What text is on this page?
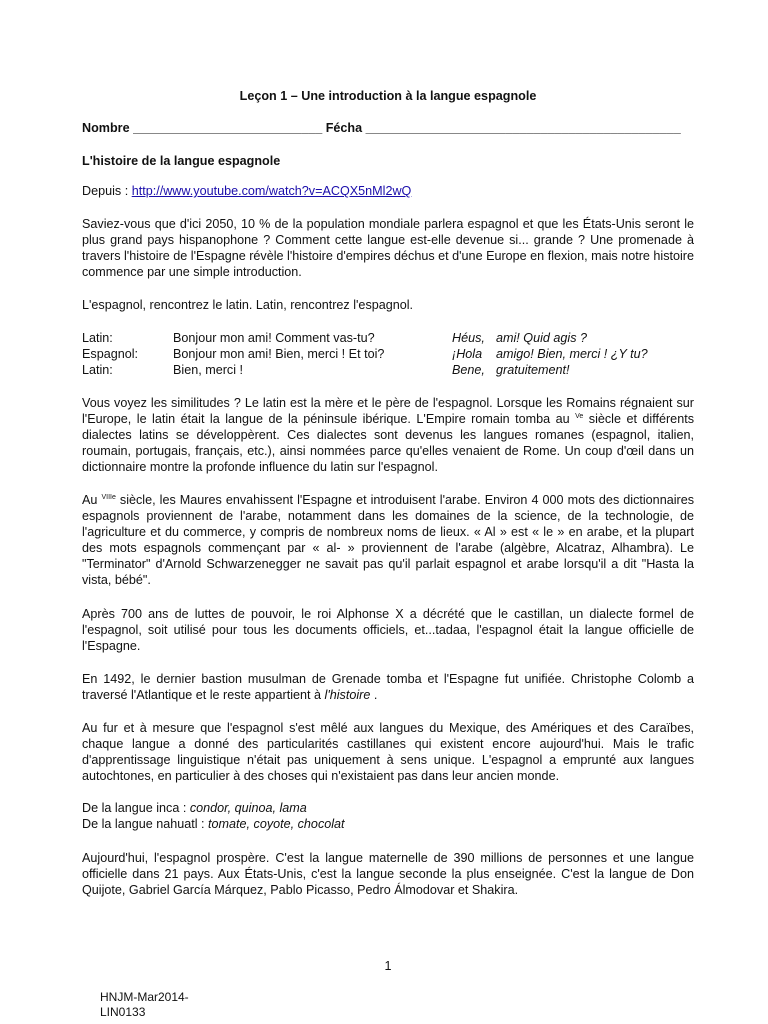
Leçon 1 – Une introduction à la langue espagnole
Nombre ___________________________ Fécha _____________________________________________
L'histoire de la langue espagnole
Depuis : http://www.youtube.com/watch?v=ACQX5nMl2wQ
Saviez-vous que d'ici 2050, 10 % de la population mondiale parlera espagnol et que les États-Unis seront le plus grand pays hispanophone ? Comment cette langue est-elle devenue si... grande ? Une promenade à travers l'histoire de l'Espagne révèle l'histoire d'empires déchus et d'une Europe en flexion, mais notre histoire commence par une simple introduction.
L'espagnol, rencontrez le latin. Latin, rencontrez l'espagnol.
Latin:	Bonjour mon ami! Comment vas-tu?	Héus, ami! Quid agis ?
Espagnol:	Bonjour mon ami! Bien, merci ! Et toi?	¡Hola amigo! Bien, merci ! ¿Y tu?
Latin:	Bien, merci !	Bene, gratuitement!
Vous voyez les similitudes ? Le latin est la mère et le père de l'espagnol. Lorsque les Romains régnaient sur l'Europe, le latin était la langue de la péninsule ibérique. L'Empire romain tomba au $^{Ve}$ siècle et différents dialectes latins se développèrent. Ces dialectes sont devenus les langues romanes (espagnol, italien, roumain, portugais, français, etc.), ainsi nommées parce qu'elles venaient de Rome. Un coup d'œil dans un dictionnaire montre la profonde influence du latin sur l'espagnol.
Au $^{VIIIe}$ siècle, les Maures envahissent l'Espagne et introduisent l'arabe. Environ 4 000 mots des dictionnaires espagnols proviennent de l'arabe, notamment dans les domaines de la science, de la technologie, de l'agriculture et du commerce, y compris de nombreux noms de lieux. « Al » est « le » en arabe, et la plupart des mots espagnols commençant par « al- » proviennent de l'arabe (algèbre, Alcatraz, Alhambra). Le "Terminator" d'Arnold Schwarzenegger ne savait pas qu'il parlait espagnol et arabe lorsqu'il a dit "Hasta la vista, bébé".
Après 700 ans de luttes de pouvoir, le roi Alphonse X a décrété que le castillan, un dialecte formel de l'espagnol, soit utilisé pour tous les documents officiels, et...tadaa, l'espagnol était la langue officielle de l'Espagne.
En 1492, le dernier bastion musulman de Grenade tomba et l'Espagne fut unifiée. Christophe Colomb a traversé l'Atlantique et le reste appartient à l'histoire .
Au fur et à mesure que l'espagnol s'est mêlé aux langues du Mexique, des Amériques et des Caraïbes, chaque langue a donné des particularités castillanes qui existent encore aujourd'hui. Mais le trafic d'apprentissage linguistique n'était pas uniquement à sens unique. L'espagnol a emprunté aux langues autochtones, en particulier à des choses qui n'existaient pas dans leur ancien monde.
De la langue inca : condor, quinoa, lama
De la langue nahuatl : tomate, coyote, chocolat
Aujourd'hui, l'espagnol prospère. C'est la langue maternelle de 390 millions de personnes et une langue officielle dans 21 pays. Aux États-Unis, c'est la langue seconde la plus enseignée. C'est la langue de Don Quijote, Gabriel García Márquez, Pablo Picasso, Pedro Álmodovar et Shakira.
1
HNJM-Mar2014-
LIN0133
